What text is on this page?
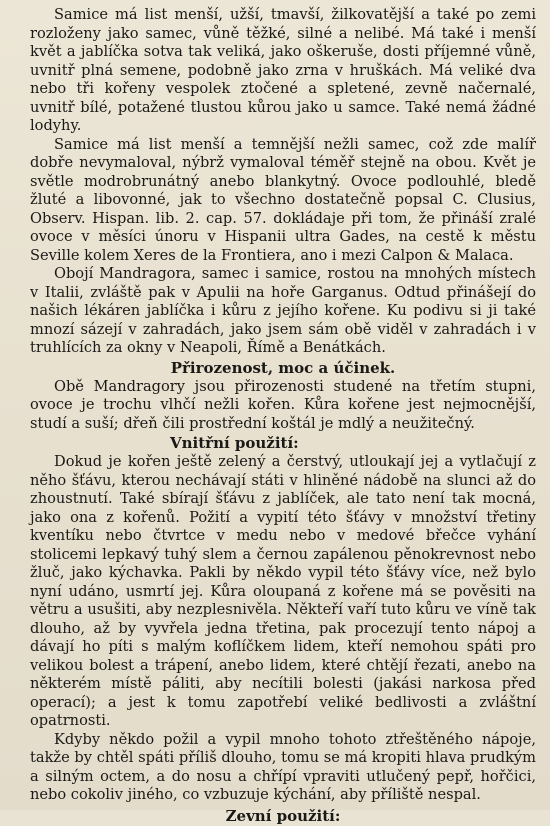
Samice má list menší, užší, tmavší, žilkovatější a také po zemi rozloženy jako samec, vůně těžké, silné a nelibé. Má také i menší květ a jablíčka sotva tak veliká, jako oškeruše, dosti příjemné vůně, uvnitř plná semene, podobně jako zrna v hruškách. Má veliké dva nebo tři kořeny vespolek ztočené a spletené, zevně načernalé, uvnitř bílé, potažené tlustou kůrou jako u samce. Také nemá žádné lodyhy.

Samice má list menší a temnější nežli samec, což zde malíř dobře nevymaloval, nýbrž vymaloval téměř stejně na obou. Květ je světle modrobrunátný anebo blankytný. Ovoce podlouhlé, bledě žluté a libovonné, jak to všechno dostatečně popsal C. Clusius, Observ. Hispan. lib. 2. cap. 57. dokládaje při tom, že přináší zralé ovoce v měsíci únoru v Hispanii ultra Gades, na cestě k městu Seville kolem Xeres de la Frontiera, ano i mezi Calpon & Malaca.

Obojí Mandragora, samec i samice, rostou na mnohých místech v Italii, zvláště pak v Apulii na hoře Garganus. Odtud přinášejí do našich lékáren jablíčka i kůru z jejího kořene. Ku podivu si ji také mnozí sázejí v zahradách, jako jsem sám obě viděl v zahradách i v truhlících za okny v Neapoli, Římě a Benátkách.

Přirozenost, moc a účinek.

Obě Mandragory jsou přirozenosti studené na třetím stupni, ovoce je trochu vlhčí nežli kořen. Kůra kořene jest nejmocnější, studí a suší; dřeň čili prostřední koštál je mdlý a neužitečný.

Vnitřní použití:

Dokud je kořen ještě zelený a čerstvý, utloukají jej a vytlačují z něho šťávu, kterou nechávají státi v hliněné nádobě na slunci až do zhoustnutí. Také sbírají šťávu z jablíček, ale tato není tak mocná, jako ona z kořenů. Požití a vypití této šťávy v množství třetiny kventíku nebo čtvrtce v medu nebo v medové břečce vyhání stolicemi lepkavý tuhý slem a černou zapálenou pěnokrevnost nebo žluč, jako kýchavka. Pakli by někdo vypil této šťávy více, než bylo nyní udáno, usmrtí jej. Kůra oloupaná z kořene má se pověsiti na větru a usušiti, aby nezplesnivěla. Někteří vaří tuto kůru ve víně tak dlouho, až by vyvřela jedna třetina, pak procezují tento nápoj a dávají ho píti s malým koflíčkem lidem, kteří nemohou spáti pro velikou bolest a trápení, anebo lidem, které chtějí řezati, anebo na některém místě páliti, aby necítili bolesti (jakási narkosa před operací); a jest k tomu zapotřebí veliké bedlivosti a zvláštní opatrnosti.

Kdyby někdo požil a vypil mnoho tohoto ztřeštěného nápoje, takže by chtěl spáti příliš dlouho, tomu se má kropiti hlava prudkým a silným octem, a do nosu a chřípí vpraviti utlučený pepř, hořčici, nebo cokoliv jiného, co vzbuzuje kýchání, aby příliště nespal.

Zevní použití:
